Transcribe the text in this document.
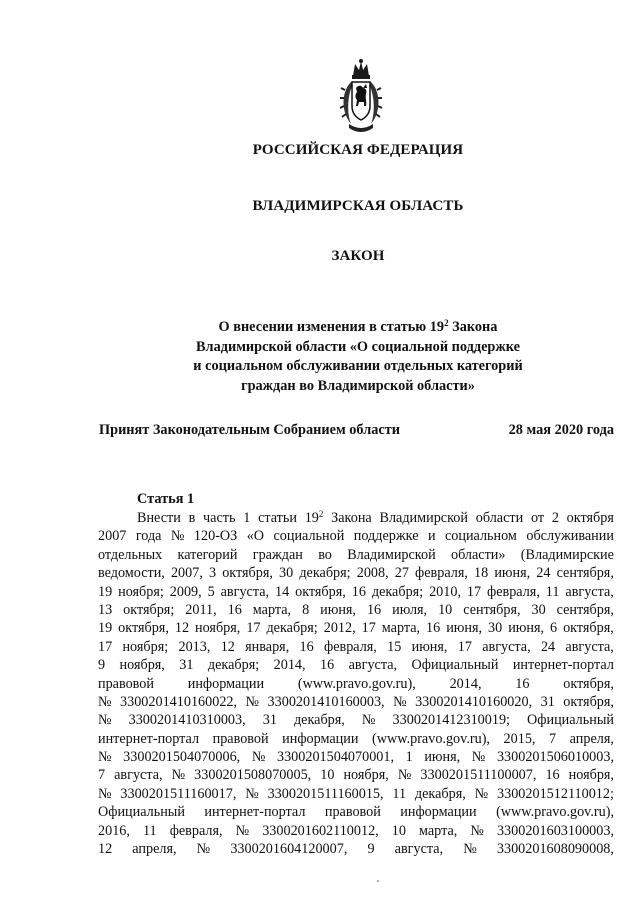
РОССИЙСКАЯ ФЕДЕРАЦИЯ
ВЛАДИМИРСКАЯ ОБЛАСТЬ
ЗАКОН
О внесении изменения в статью $19^2$ Закона
Владимирской области «О социальной поддержке
и социальном обслуживании отдельных категорий
граждан во Владимирской области»
Принят Законодательным Собранием области	28 мая 2020 года
Статья 1
Внести в часть 1 статьи $19^2$ Закона Владимирской области от 2 октября
2007 года № 120-ОЗ «О социальной поддержке и социальном обслуживании
отдельных категорий граждан во Владимирской области» (Владимирские
ведомости, 2007, 3 октября, 30 декабря; 2008, 27 февраля, 18 июня, 24 сентября,
19 ноября; 2009, 5 августа, 14 октября, 16 декабря; 2010, 17 февраля, 11 августа,
13 октября; 2011, 16 марта, 8 июня, 16 июля, 10 сентября, 30 сентября,
19 октября, 12 ноября, 17 декабря; 2012, 17 марта, 16 июня, 30 июня, 6 октября,
17 ноября; 2013, 12 января, 16 февраля, 15 июня, 17 августа, 24 августа,
9 ноября, 31 декабря; 2014, 16 августа, Официальный интернет-портал
правовой информации (www.pravo.gov.ru), 2014, 16 октября,
№ 3300201410160022, № 3300201410160003, № 3300201410160020, 31 октября,
№ 3300201410310003, 31 декабря, № 3300201412310019; Официальный
интернет-портал правовой информации (www.pravo.gov.ru), 2015, 7 апреля,
№ 3300201504070006, № 3300201504070001, 1 июня, № 3300201506010003,
7 августа, № 3300201508070005, 10 ноября, № 3300201511100007, 16 ноября,
№ 3300201511160017, № 3300201511160015, 11 декабря, № 3300201512110012;
Официальный интернет-портал правовой информации (www.pravo.gov.ru),
2016, 11 февраля, № 3300201602110012, 10 марта, № 3300201603100003,
12 апреля, № 3300201604120007, 9 августа, № 3300201608090008,
